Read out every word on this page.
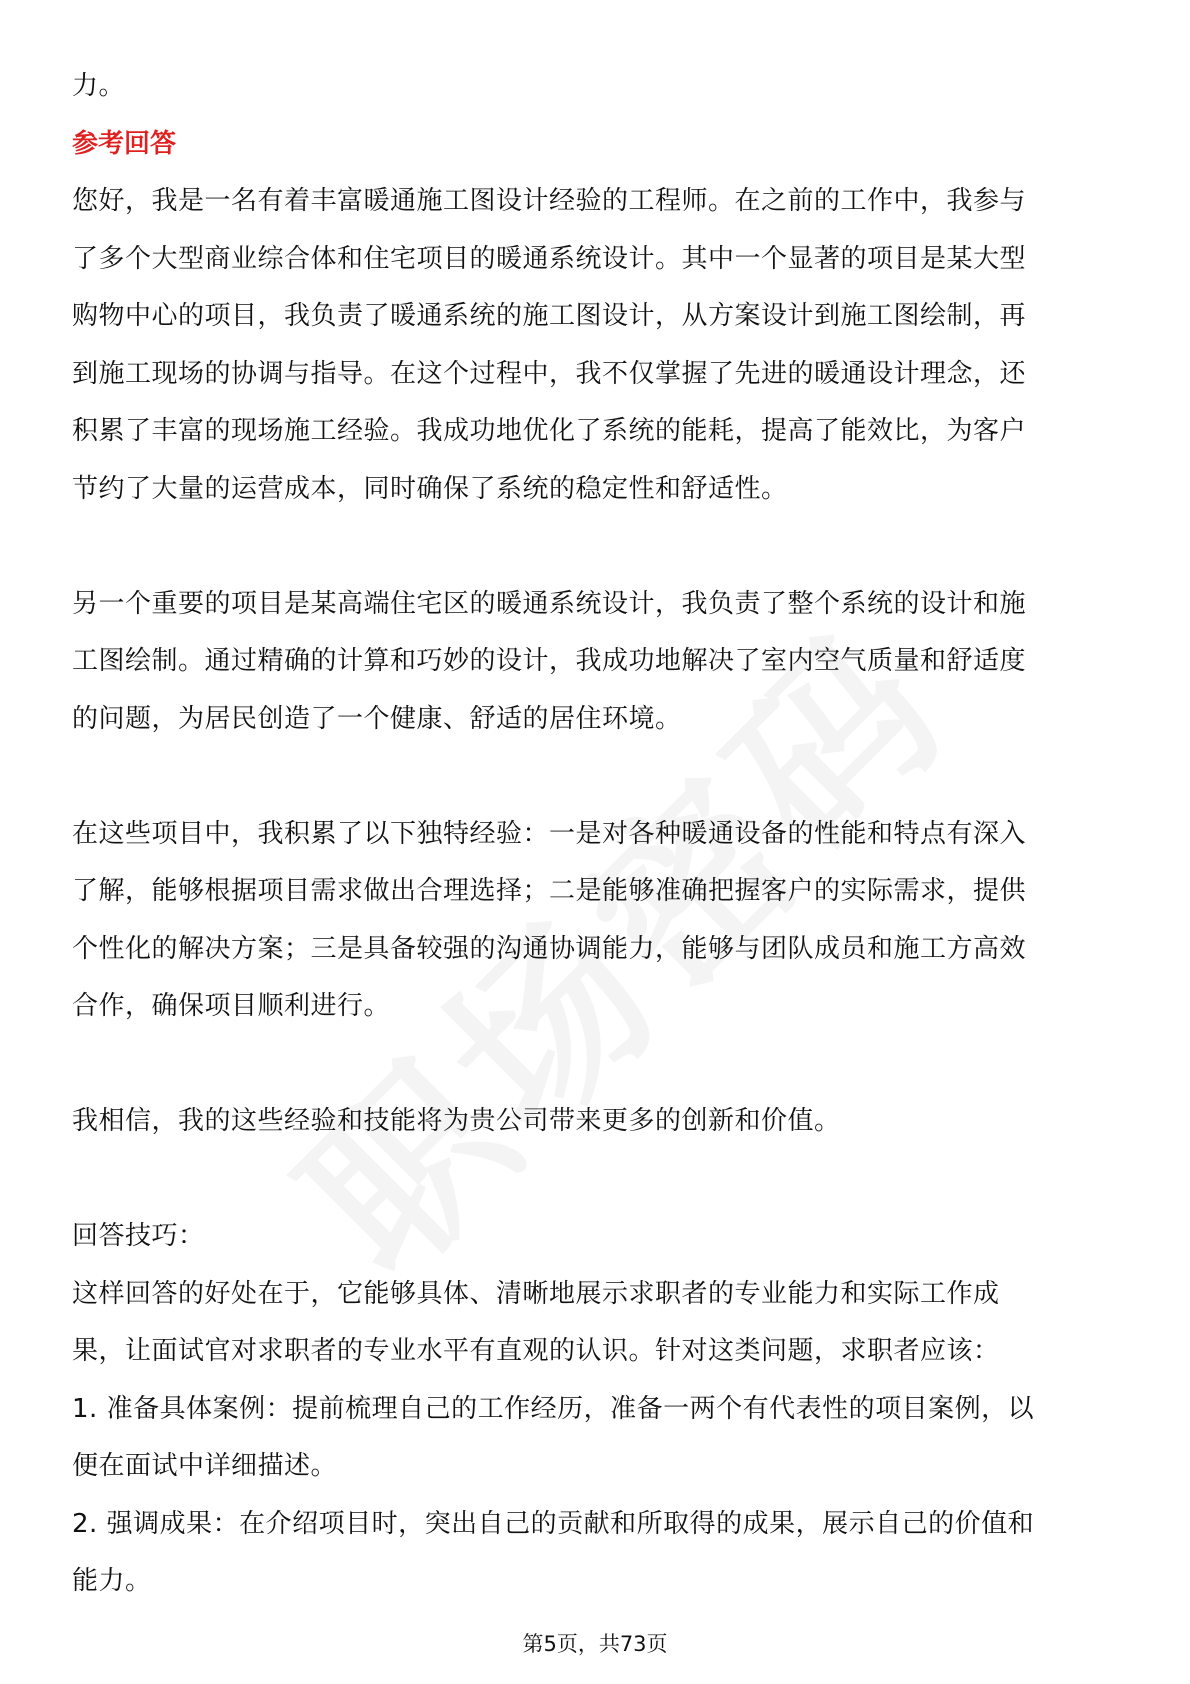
力。
参考回答
您好，我是一名有着丰富暖通施工图设计经验的工程师。在之前的工作中，我参与
了多个大型商业综合体和住宅项目的暖通系统设计。其中一个显著的项目是某大型
购物中心的项目，我负责了暖通系统的施工图设计，从方案设计到施工图绘制，再
到施工现场的协调与指导。在这个过程中，我不仅掌握了先进的暖通设计理念，还
积累了丰富的现场施工经验。我成功地优化了系统的能耗，提高了能效比，为客户
节约了大量的运营成本，同时确保了系统的稳定性和舒适性。
另一个重要的项目是某高端住宅区的暖通系统设计，我负责了整个系统的设计和施
工图绘制。通过精确的计算和巧妙的设计，我成功地解决了室内空气质量和舒适度
的问题，为居民创造了一个健康、舒适的居住环境。
在这些项目中，我积累了以下独特经验：一是对各种暖通设备的性能和特点有深入
了解，能够根据项目需求做出合理选择；二是能够准确把握客户的实际需求，提供
个性化的解决方案；三是具备较强的沟通协调能力，能够与团队成员和施工方高效
合作，确保项目顺利进行。
我相信，我的这些经验和技能将为贵公司带来更多的创新和价值。
回答技巧：
这样回答的好处在于，它能够具体、清晰地展示求职者的专业能力和实际工作成
果，让面试官对求职者的专业水平有直观的认识。针对这类问题，求职者应该：
1. 准备具体案例：提前梳理自己的工作经历，准备一两个有代表性的项目案例，以
便在面试中详细描述。
2. 强调成果：在介绍项目时，突出自己的贡献和所取得的成果，展示自己的价值和
能力。
第5页，共73页
